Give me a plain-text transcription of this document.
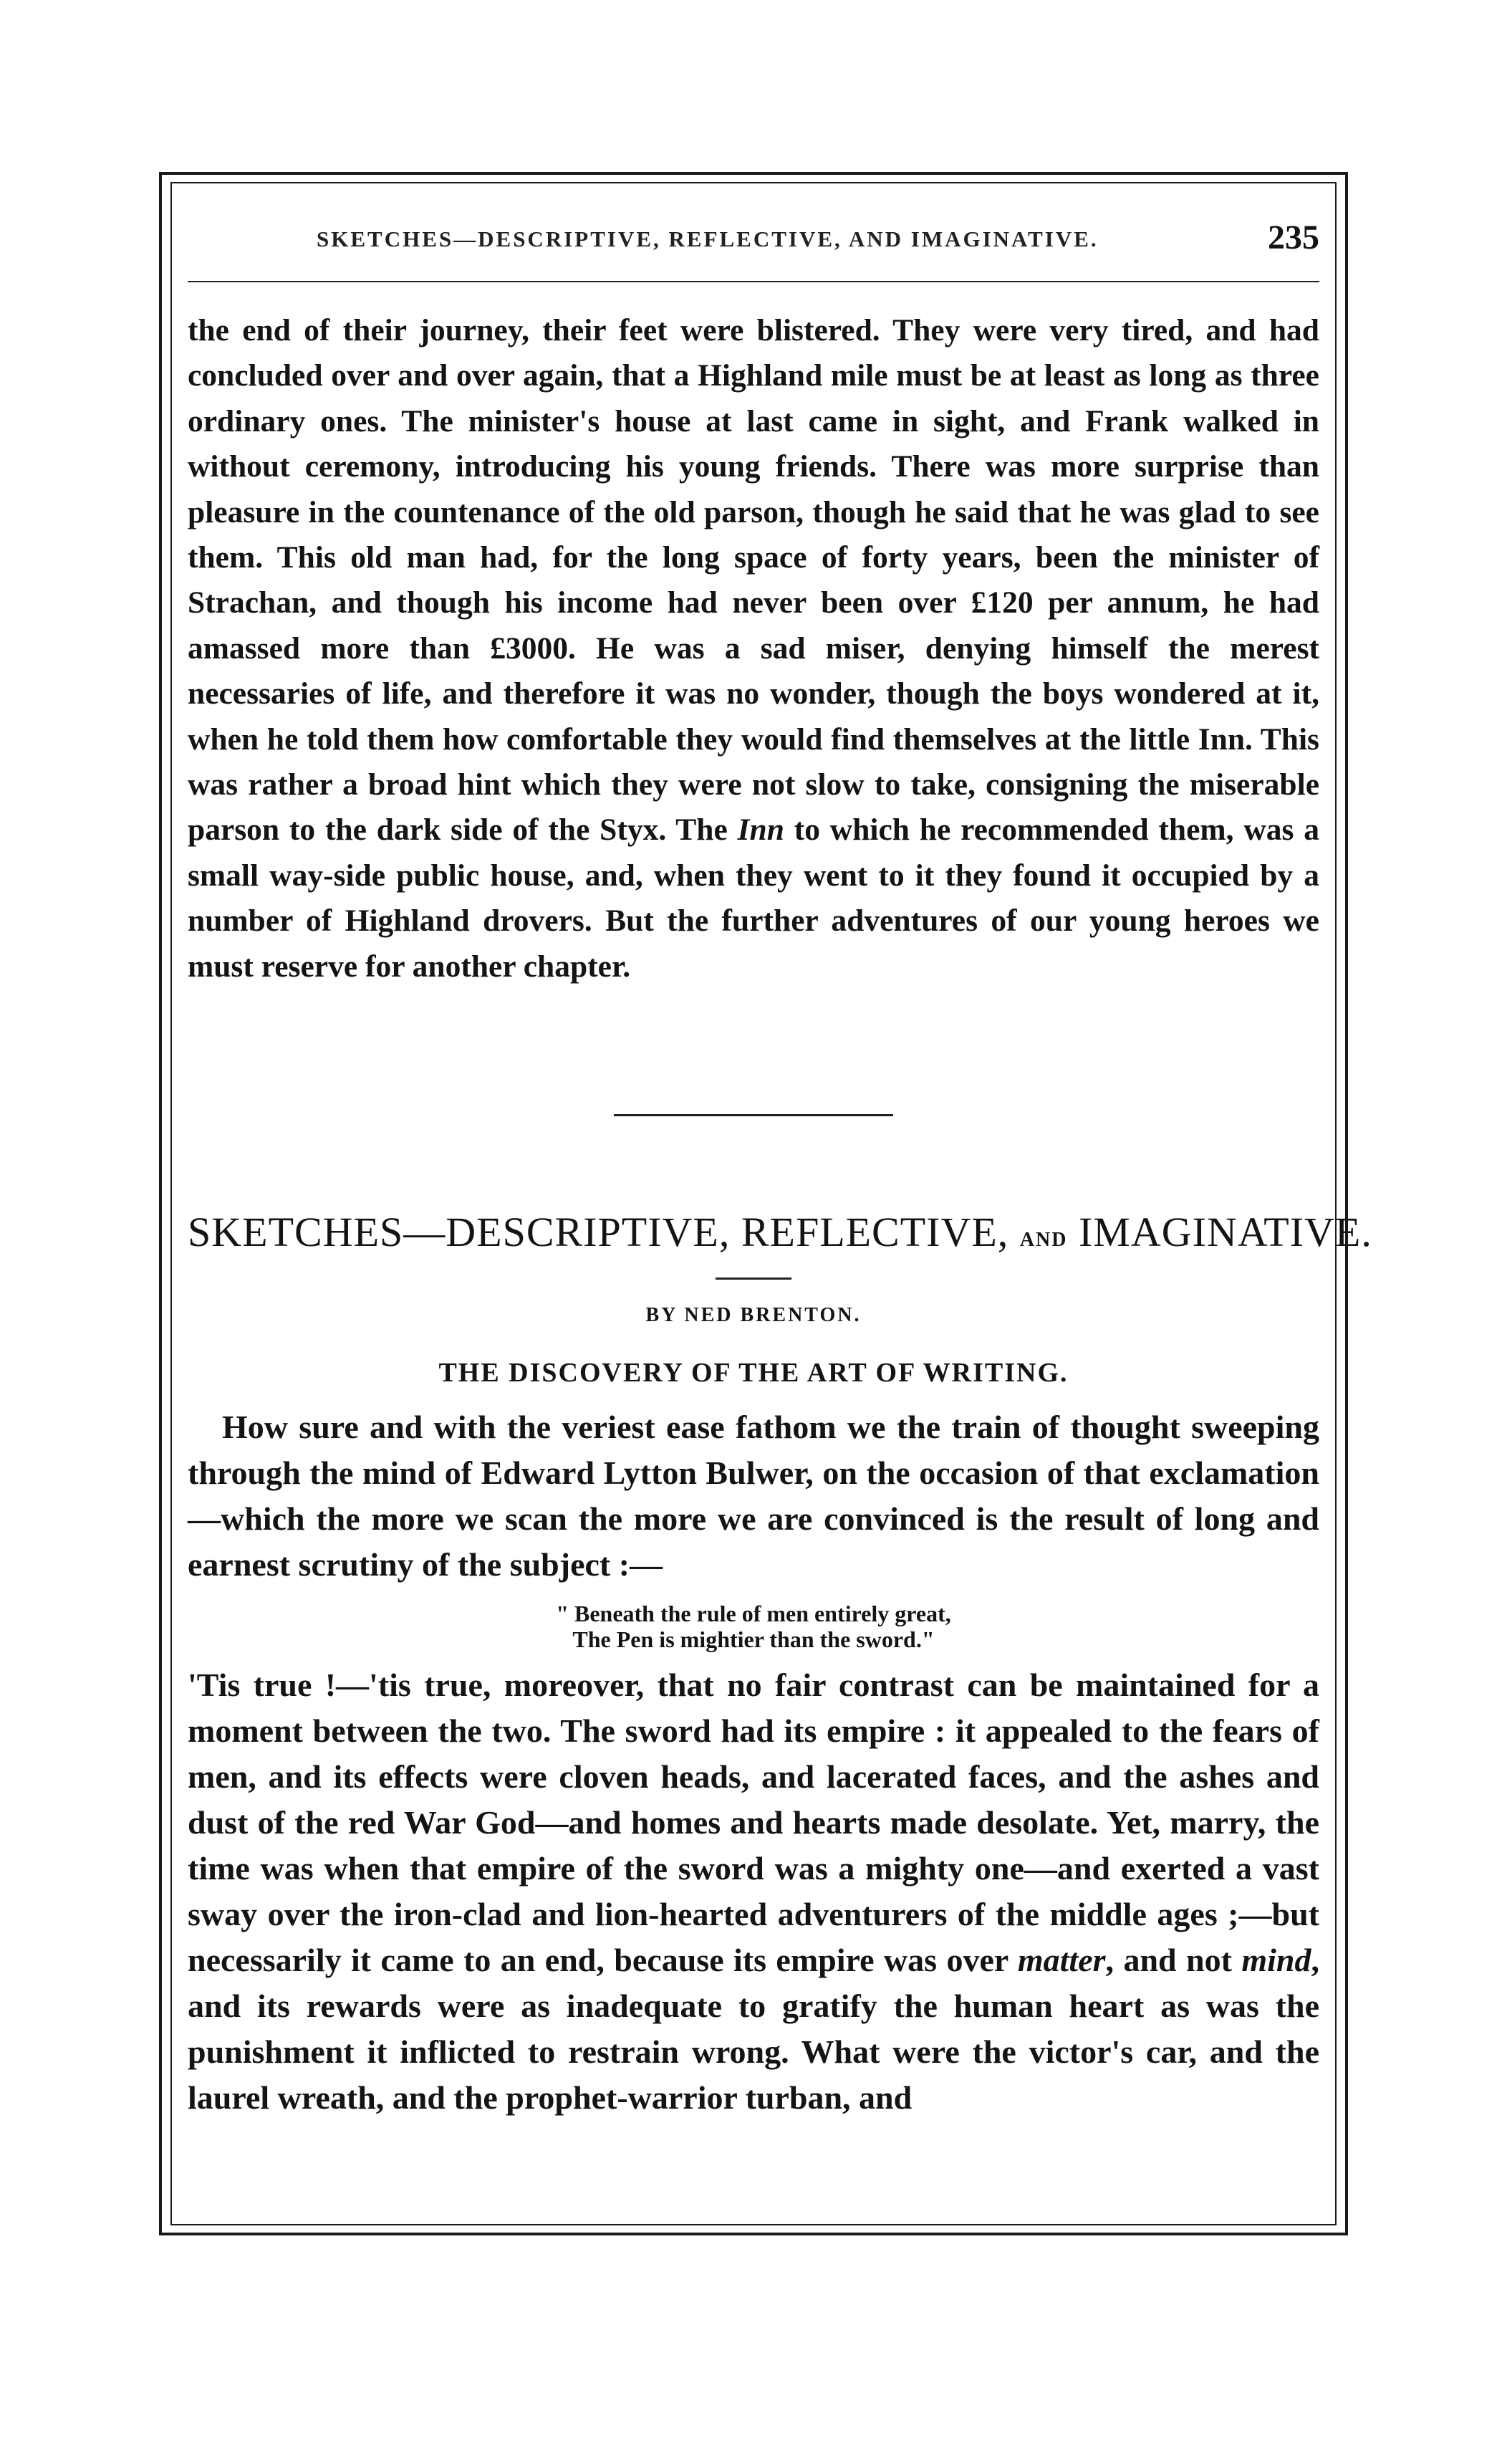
SKETCHES—DESCRIPTIVE, REFLECTIVE, AND IMAGINATIVE.	235

the end of their journey, their feet were blistered. They were very tired, and had concluded over and over again, that a Highland mile must be at least as long as three ordinary ones. The minister's house at last came in sight, and Frank walked in without ceremony, introducing his young friends. There was more surprise than pleasure in the countenance of the old parson, though he said that he was glad to see them. This old man had, for the long space of forty years, been the minister of Strachan, and though his income had never been over £120 per annum, he had amassed more than £3000. He was a sad miser, denying himself the merest necessaries of life, and therefore it was no wonder, though the boys wondered at it, when he told them how comfortable they would find themselves at the little Inn. This was rather a broad hint which they were not slow to take, consigning the miserable parson to the dark side of the Styx. The Inn to which he recommended them, was a small way-side public house, and, when they went to it they found it occupied by a number of Highland drovers. But the further adventures of our young heroes we must reserve for another chapter.

SKETCHES—DESCRIPTIVE, REFLECTIVE, AND IMAGINATIVE.
BY NED BRENTON.
THE DISCOVERY OF THE ART OF WRITING.

How sure and with the veriest ease fathom we the train of thought sweeping through the mind of Edward Lytton Bulwer, on the occasion of that exclamation—which the more we scan the more we are convinced is the result of long and earnest scrutiny of the subject :—

" Beneath the rule of men entirely great,
The Pen is mightier than the sword."

'Tis true !—'tis true, moreover, that no fair contrast can be maintained for a moment between the two. The sword had its empire : it appealed to the fears of men, and its effects were cloven heads, and lacerated faces, and the ashes and dust of the red War God—and homes and hearts made desolate. Yet, marry, the time was when that empire of the sword was a mighty one—and exerted a vast sway over the iron-clad and lion-hearted adventurers of the middle ages ;—but necessarily it came to an end, because its empire was over matter, and not mind, and its rewards were as inadequate to gratify the human heart as was the punishment it inflicted to restrain wrong. What were the victor's car, and the laurel wreath, and the prophet-warrior turban, and
